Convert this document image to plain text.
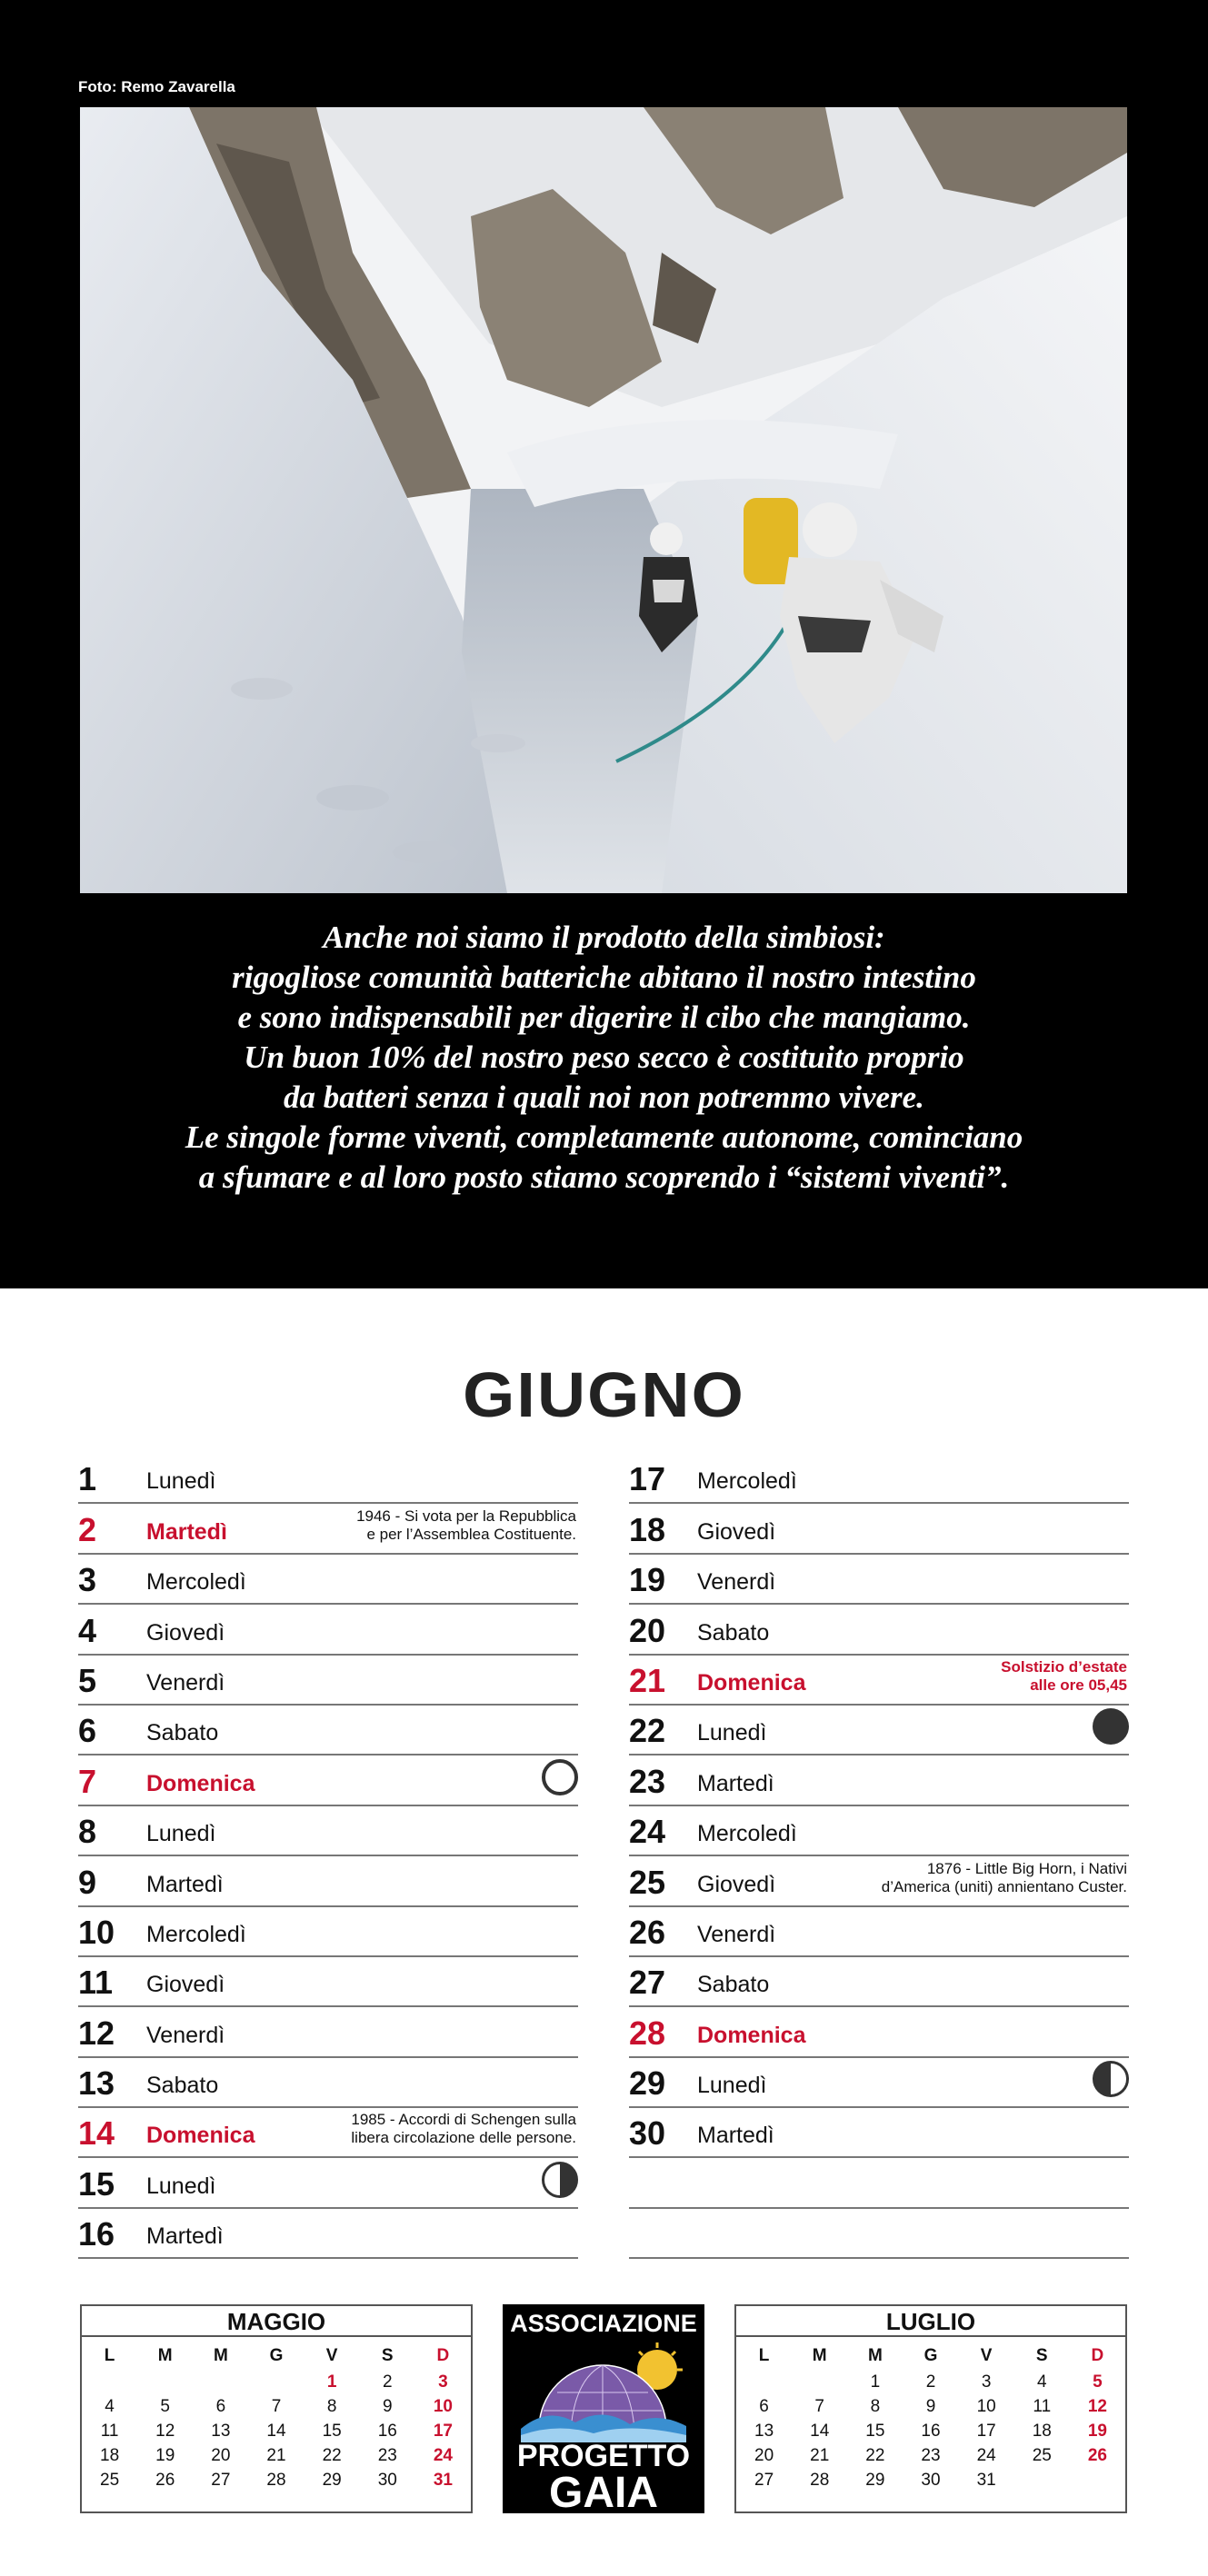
Foto: Remo Zavarella
Anche noi siamo il prodotto della simbiosi:
rigogliose comunità batteriche abitano il nostro intestino
e sono indispensabili per digerire il cibo che mangiamo.
Un buon 10% del nostro peso secco è costituito proprio
da batteri senza i quali noi non potremmo vivere.
Le singole forme viventi, completamente autonome, cominciano
a sfumare e al loro posto stiamo scoprendo i “sistemi viventi”.
GIUGNO
1 Lunedì
2 Martedì
1946 - Si vota per la Repubblica
e per l’Assemblea Costituente.
3 Mercoledì
4 Giovedì
5 Venerdì
6 Sabato
7 Domenica
8 Lunedì
9 Martedì
10 Mercoledì
11 Giovedì
12 Venerdì
13 Sabato
14 Domenica
1985 - Accordi di Schengen sulla
libera circolazione delle persone.
15 Lunedì
16 Martedì
17 Mercoledì
18 Giovedì
19 Venerdì
20 Sabato
21 Domenica
Solstizio d’estate
alle ore 05,45
22 Lunedì
23 Martedì
24 Mercoledì
25 Giovedì
1876 - Little Big Horn, i Nativi
d’America (uniti) annientano Custer.
26 Venerdì
27 Sabato
28 Domenica
29 Lunedì
30 Martedì
MAGGIO
L	M	M	G	V	S	D
				1	2	3
4	5	6	7	8	9	10
11	12	13	14	15	16	17
18	19	20	21	22	23	24
25	26	27	28	29	30	31
ASSOCIAZIONE
PROGETTO
GAIA
LUGLIO
L	M	M	G	V	S	D
		1	2	3	4	5
6	7	8	9	10	11	12
13	14	15	16	17	18	19
20	21	22	23	24	25	26
27	28	29	30	31		
